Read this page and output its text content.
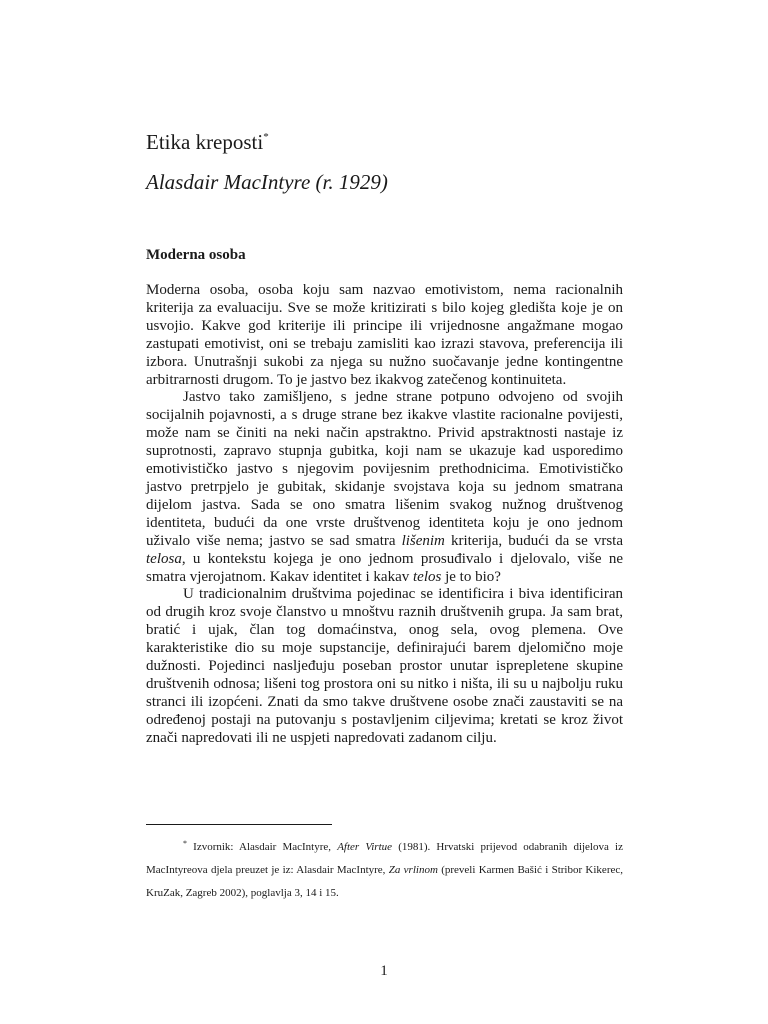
Etika kreposti*
Alasdair MacIntyre (r. 1929)
Moderna osoba

Moderna osoba, osoba koju sam nazvao emotivistom, nema racionalnih kriterija za evaluaciju. Sve se može kritizirati s bilo kojeg gledišta koje je on usvojio. Kakve god kriterije ili principe ili vrijednosne angažmane mogao zastupati emotivist, oni se trebaju zamisliti kao izrazi stavova, preferencija ili izbora. Unutrašnji sukobi za njega su nužno suočavanje jedne kontingentne arbitrarnosti drugom. To je jastvo bez ikakvog zatečenog kontinuiteta.

Jastvo tako zamišljeno, s jedne strane potpuno odvojeno od svojih socijalnih pojavnosti, a s druge strane bez ikakve vlastite racionalne povijesti, može nam se činiti na neki način apstraktno. Privid apstraktnosti nastaje iz suprotnosti, zapravo stupnja gubitka, koji nam se ukazuje kad usporedimo emotivističko jastvo s njegovim povijesnim prethodnicima. Emotivističko jastvo pretrpjelo je gubitak, skidanje svojstava koja su jednom smatrana dijelom jastva. Sada se ono smatra lišenim svakog nužnog društvenog identiteta, budući da one vrste društvenog identiteta koju je ono jednom uživalo više nema; jastvo se sad smatra lišenim kriterija, budući da se vrsta telosa, u kontekstu kojega je ono jednom prosuđivalo i djelovalo, više ne smatra vjerojatnom. Kakav identitet i kakav telos je to bio?

U tradicionalnim društvima pojedinac se identificira i biva identificiran od drugih kroz svoje članstvo u mnoštvu raznih društvenih grupa. Ja sam brat, bratić i ujak, član tog domaćinstva, onog sela, ovog plemena. Ove karakteristike dio su moje supstancije, definirajući barem djelomično moje dužnosti. Pojedinci nasljeđuju poseban prostor unutar isprepletene skupine društvenih odnosa; lišeni tog prostora oni su nitko i ništa, ili su u najbolju ruku stranci ili izopćeni. Znati da smo takve društvene osobe znači zaustaviti se na određenoj postaji na putovanju s postavljenim ciljevima; kretati se kroz život znači napredovati ili ne uspjeti napredovati zadanom cilju.

* Izvornik: Alasdair MacIntyre, After Virtue (1981). Hrvatski prijevod odabranih dijelova iz MacIntyreova djela preuzet je iz: Alasdair MacIntyre, Za vrlinom (preveli Karmen Bašić i Stribor Kikerec, KruZak, Zagreb 2002), poglavlja 3, 14 i 15.

1
